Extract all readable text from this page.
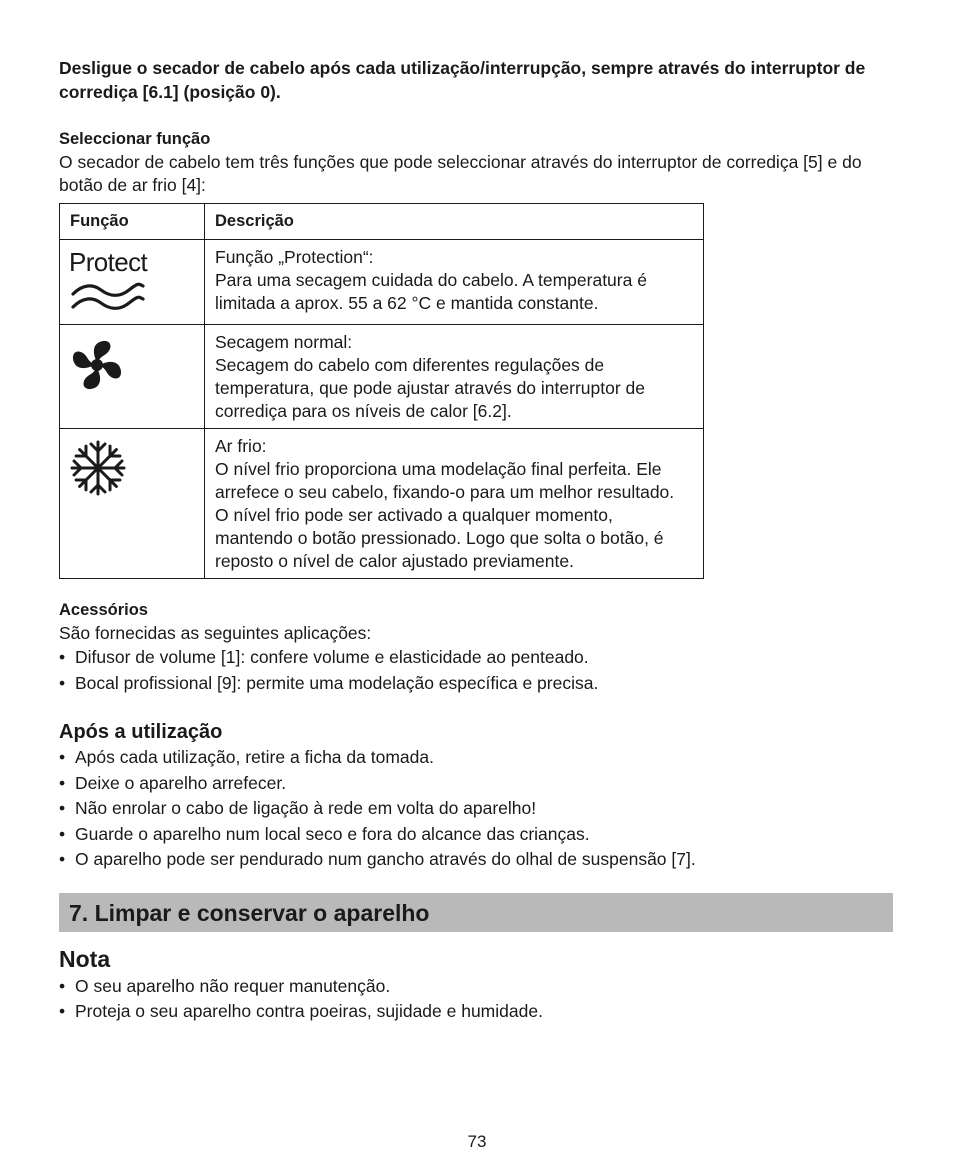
Desligue o secador de cabelo após cada utilização/interrupção, sempre através do interruptor de corrediça [6.1] (posição 0).

Seleccionar função

O secador de cabelo tem três funções que pode seleccionar através do interruptor de corrediça [5] e do botão de ar frio [4]:

Função	Descrição

Protect	Função „Protection“:
Para uma secagem cuidada do cabelo. A temperatura é limitada a aprox. 55 a 62 °C e mantida constante.

Secagem normal:
Secagem do cabelo com diferentes regulações de temperatura, que pode ajustar através do interruptor de corrediça para os níveis de calor [6.2].

Ar frio:
O nível frio proporciona uma modelação final perfeita. Ele arrefece o seu cabelo, fixando-o para um melhor resultado.
O nível frio pode ser activado a qualquer momento, mantendo o botão pressionado. Logo que solta o botão, é reposto o nível de calor ajustado previamente.

Acessórios

São fornecidas as seguintes aplicações:

• Difusor de volume [1]: confere volume e elasticidade ao penteado.
• Bocal profissional [9]: permite uma modelação específica e precisa.

Após a utilização

• Após cada utilização, retire a ficha da tomada.
• Deixe o aparelho arrefecer.
• Não enrolar o cabo de ligação à rede em volta do aparelho!
• Guarde o aparelho num local seco e fora do alcance das crianças.
• O aparelho pode ser pendurado num gancho através do olhal de suspensão [7].
7. Limpar e conservar o aparelho

Nota

• O seu aparelho não requer manutenção.
• Proteja o seu aparelho contra poeiras, sujidade e humidade.
73
